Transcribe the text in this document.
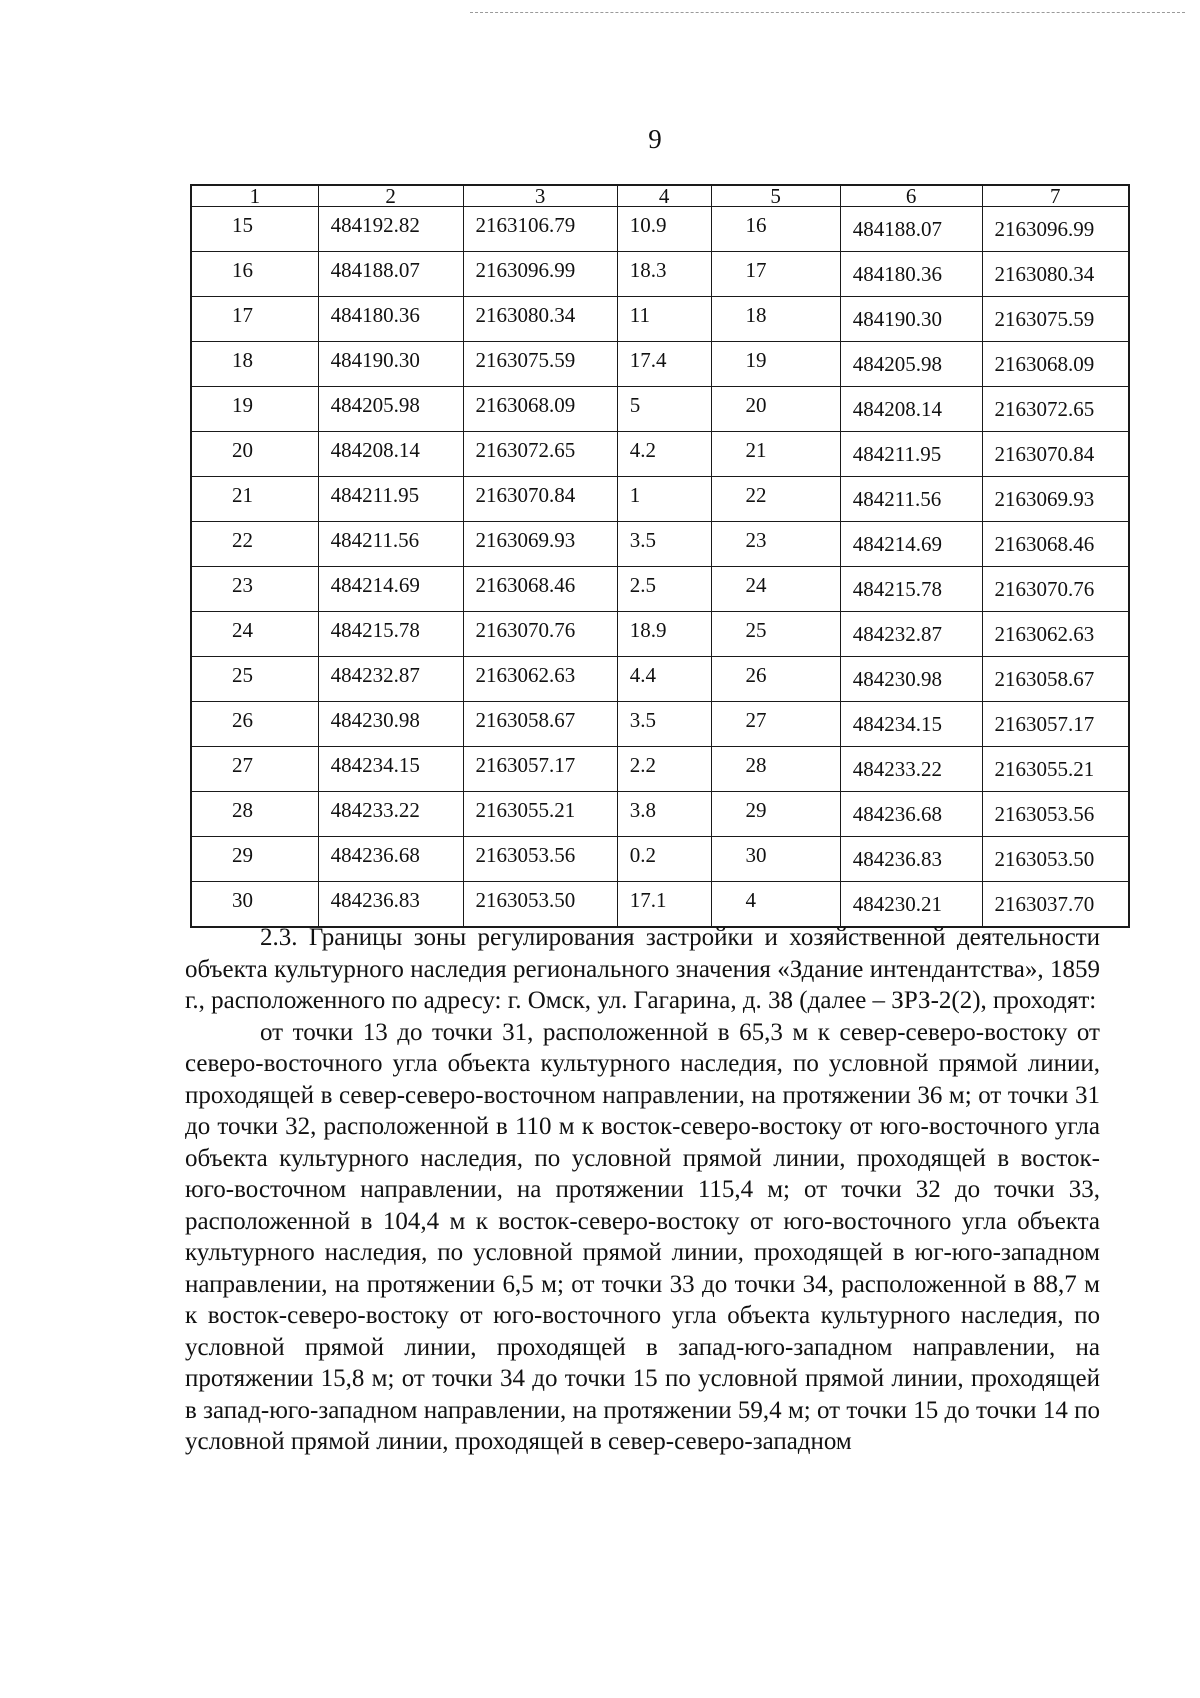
9
1	2	3	4	5	6	7
15	484192.82	2163106.79	10.9	16	484188.07	2163096.99
16	484188.07	2163096.99	18.3	17	484180.36	2163080.34
17	484180.36	2163080.34	11	18	484190.30	2163075.59
18	484190.30	2163075.59	17.4	19	484205.98	2163068.09
19	484205.98	2163068.09	5	20	484208.14	2163072.65
20	484208.14	2163072.65	4.2	21	484211.95	2163070.84
21	484211.95	2163070.84	1	22	484211.56	2163069.93
22	484211.56	2163069.93	3.5	23	484214.69	2163068.46
23	484214.69	2163068.46	2.5	24	484215.78	2163070.76
24	484215.78	2163070.76	18.9	25	484232.87	2163062.63
25	484232.87	2163062.63	4.4	26	484230.98	2163058.67
26	484230.98	2163058.67	3.5	27	484234.15	2163057.17
27	484234.15	2163057.17	2.2	28	484233.22	2163055.21
28	484233.22	2163055.21	3.8	29	484236.68	2163053.56
29	484236.68	2163053.56	0.2	30	484236.83	2163053.50
30	484236.83	2163053.50	17.1	4	484230.21	2163037.70

2.3. Границы зоны регулирования застройки и хозяйственной деятельности объекта культурного наследия регионального значения «Здание интендантства», 1859 г., расположенного по адресу: г. Омск, ул. Гагарина, д. 38 (далее – ЗРЗ-2(2), проходят:

от точки 13 до точки 31, расположенной в 65,3 м к север-северо-востоку от северо-восточного угла объекта культурного наследия, по условной прямой линии, проходящей в север-северо-восточном направлении, на протяжении 36 м; от точки 31 до точки 32, расположенной в 110 м к восток-северо-востоку от юго-восточного угла объекта культурного наследия, по условной прямой линии, проходящей в восток-юго-восточном направлении, на протяжении 115,4 м; от точки 32 до точки 33, расположенной в 104,4 м к восток-северо-востоку от юго-восточного угла объекта культурного наследия, по условной прямой линии, проходящей в юг-юго-западном направлении, на протяжении 6,5 м; от точки 33 до точки 34, расположенной в 88,7 м к восток-северо-востоку от юго-восточного угла объекта культурного наследия, по условной прямой линии, проходящей в запад-юго-западном направлении, на протяжении 15,8 м; от точки 34 до точки 15 по условной прямой линии, проходящей в запад-юго-западном направлении, на протяжении 59,4 м; от точки 15 до точки 14 по условной прямой линии, проходящей в север-северо-западном
